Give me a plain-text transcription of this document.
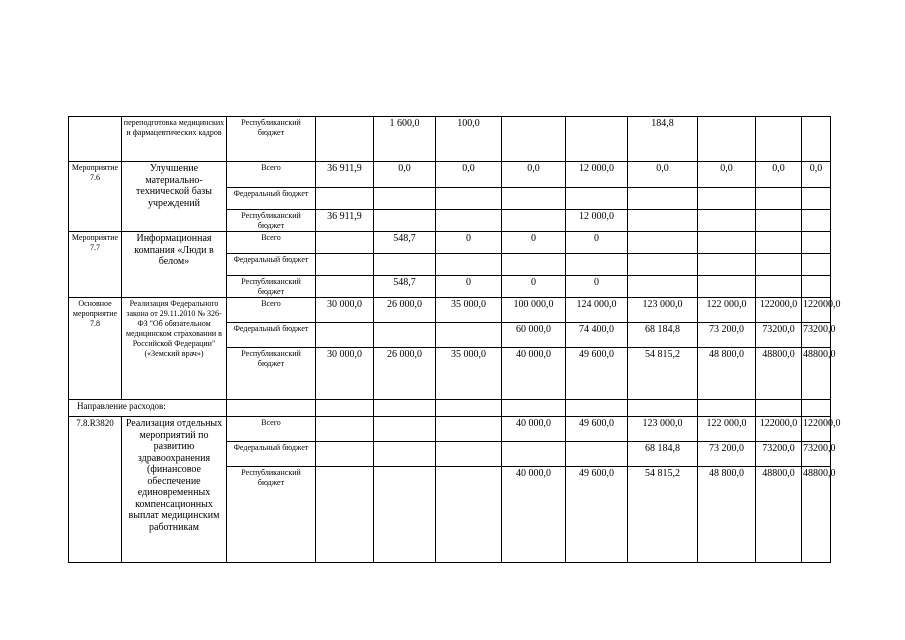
	переподготовка медицинских и фармацевтических кадров	Республиканский бюджет		1 600,0	100,0			184,8			
Мероприятие 7.6	Улучшение материально-технической базы учреждений	Всего	36 911,9	0,0	0,0	0,0	12 000,0	0,0	0,0	0,0	0,0
		Федеральный бюджет									
		Республиканский бюджет	36 911,9				12 000,0				
Мероприятие 7.7	Информационная компания «Люди в белом»	Всего		548,7	0	0	0				
		Федеральный бюджет									
		Республиканский бюджет		548,7	0	0	0				
Основное мероприятие 7.8	Реализация Федерального закона от 29.11.2010 № 326-ФЗ "Об обязательном медицинском страховании в Российской Федерации" («Земский врач»)	Всего	30 000,0	26 000,0	35 000,0	100 000,0	124 000,0	123 000,0	122 000,0	122000,0	122000,0
		Федеральный бюджет				60 000,0	74 400,0	68 184,8	73 200,0	73200,0	73200,0
		Республиканский бюджет	30 000,0	26 000,0	35 000,0	40 000,0	49 600,0	54 815,2	48 800,0	48800,0	48800,0
Направление расходов:											
7.8.R3820	Реализация отдельных мероприятий по развитию здравоохранения (финансовое обеспечение единовременных компенсационных выплат медицинским работникам	Всего				40 000,0	49 600,0	123 000,0	122 000,0	122000,0	122000,0
		Федеральный бюджет						68 184,8	73 200,0	73200,0	73200,0
		Республиканский бюджет				40 000,0	49 600,0	54 815,2	48 800,0	48800,0	48800,0
